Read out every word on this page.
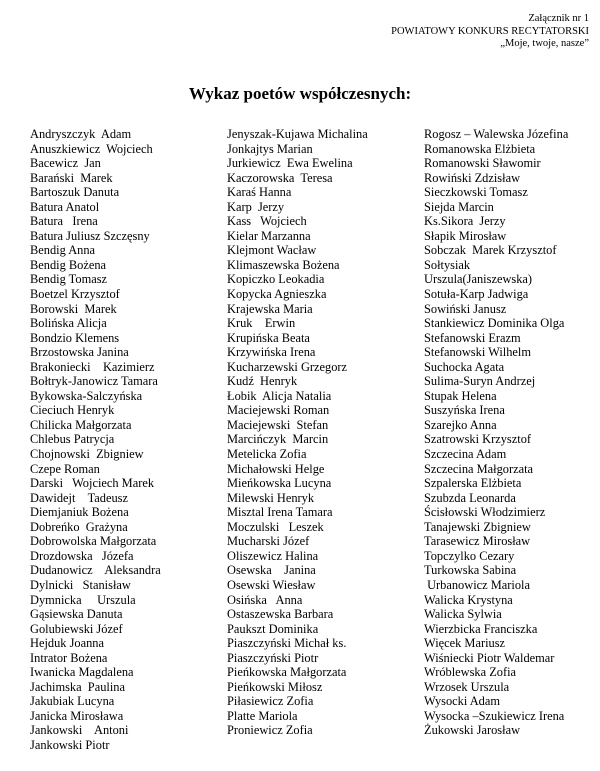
Załącznik nr 1
POWIATOWY KONKURS RECYTATORSKI
„Moje, twoje, nasze”
Wykaz poetów współczesnych:
Andryszczyk  Adam
Anuszkiewicz  Wojciech
Bacewicz  Jan
Barański  Marek
Bartoszuk Danuta
Batura Anatol
Batura   Irena
Batura Juliusz Szczęsny
Bendig Anna
Bendig Bożena
Bendig Tomasz
Boetzel Krzysztof
Borowski  Marek
Bolińska Alicja
Bondzio Klemens
Brzostowska Janina
Brakoniecki    Kazimierz
Bołtryk-Janowicz Tamara
Bykowska-Salczyńska
Cieciuch Henryk
Chilicka Małgorzata
Chlebus Patrycja
Chojnowski  Zbigniew
Czepe Roman
Darski   Wojciech Marek
Dawidejt    Tadeusz
Diemjaniuk Bożena
Dobreńko  Grażyna
Dobrowolska Małgorzata
Drozdowska   Józefa
Dudanowicz    Aleksandra
Dylnicki   Stanisław
Dymnicka     Urszula
Gąsiewska Danuta
Golubiewski Józef
Hejduk Joanna
Intrator Bożena
Iwanicka Magdalena
Jachimska  Paulina
Jakubiak Lucyna
Janicka Mirosława
Jankowski    Antoni
Jankowski Piotr
Jenyszak-Kujawa Michalina
Jonkajtys Marian
Jurkiewicz  Ewa Ewelina
Kaczorowska  Teresa
Karaś Hanna
Karp  Jerzy
Kass   Wojciech
Kielar Marzanna
Klejmont Wacław
Klimaszewska Bożena
Kopiczko Leokadia
Kopycka Agnieszka
Krajewska Maria
Kruk    Erwin
Krupińska Beata
Krzywińska Irena
Kucharzewski Grzegorz
Kudź  Henryk
Łobik  Alicja Natalia
Maciejewski Roman
Maciejewski  Stefan
Marcińczyk  Marcin
Metelicka Zofia
Michałowski Helge
Mieńkowska Lucyna
Milewski Henryk
Misztal Irena Tamara
Moczulski   Leszek
Mucharski Józef
Oliszewicz Halina
Osewska    Janina
Osewski Wiesław
Osińska   Anna
Ostaszewska Barbara
Paukszt Dominika
Piaszczyński Michał ks.
Piaszczyński Piotr
Pieńkowska Małgorzata
Pieńkowski Miłosz
Piłasiewicz Zofia
Platte Mariola
Proniewicz Zofia
Rogosz – Walewska Józefina
Romanowska Elżbieta
Romanowski Sławomir
Rowiński Zdzisław
Sieczkowski Tomasz
Siejda Marcin
Ks.Sikora  Jerzy
Słapik Mirosław
Sobczak  Marek Krzysztof
Sołtysiak
Urszula(Janiszewska)
Sotuła-Karp Jadwiga
Sowiński Janusz
Stankiewicz Dominika Olga
Stefanowski Erazm
Stefanowski Wilhelm
Suchocka Agata
Sulima-Suryn Andrzej
Stupak Helena
Suszyńska Irena
Szarejko Anna
Szatrowski Krzysztof
Szczecina Adam
Szczecina Małgorzata
Szpalerska Elżbieta
Szubzda Leonarda
Ścisłowski Włodzimierz
Tanajewski Zbigniew
Tarasewicz Mirosław
Topczylko Cezary
Turkowska Sabina
Urbanowicz Mariola
Walicka Krystyna
Walicka Sylwia
Wierzbicka Franciszka
Więcek Mariusz
Wiśniecki Piotr Waldemar
Wróblewska Zofia
Wrzosek Urszula
Wysocki Adam
Wysocka –Szukiewicz Irena
Żukowski Jarosław
